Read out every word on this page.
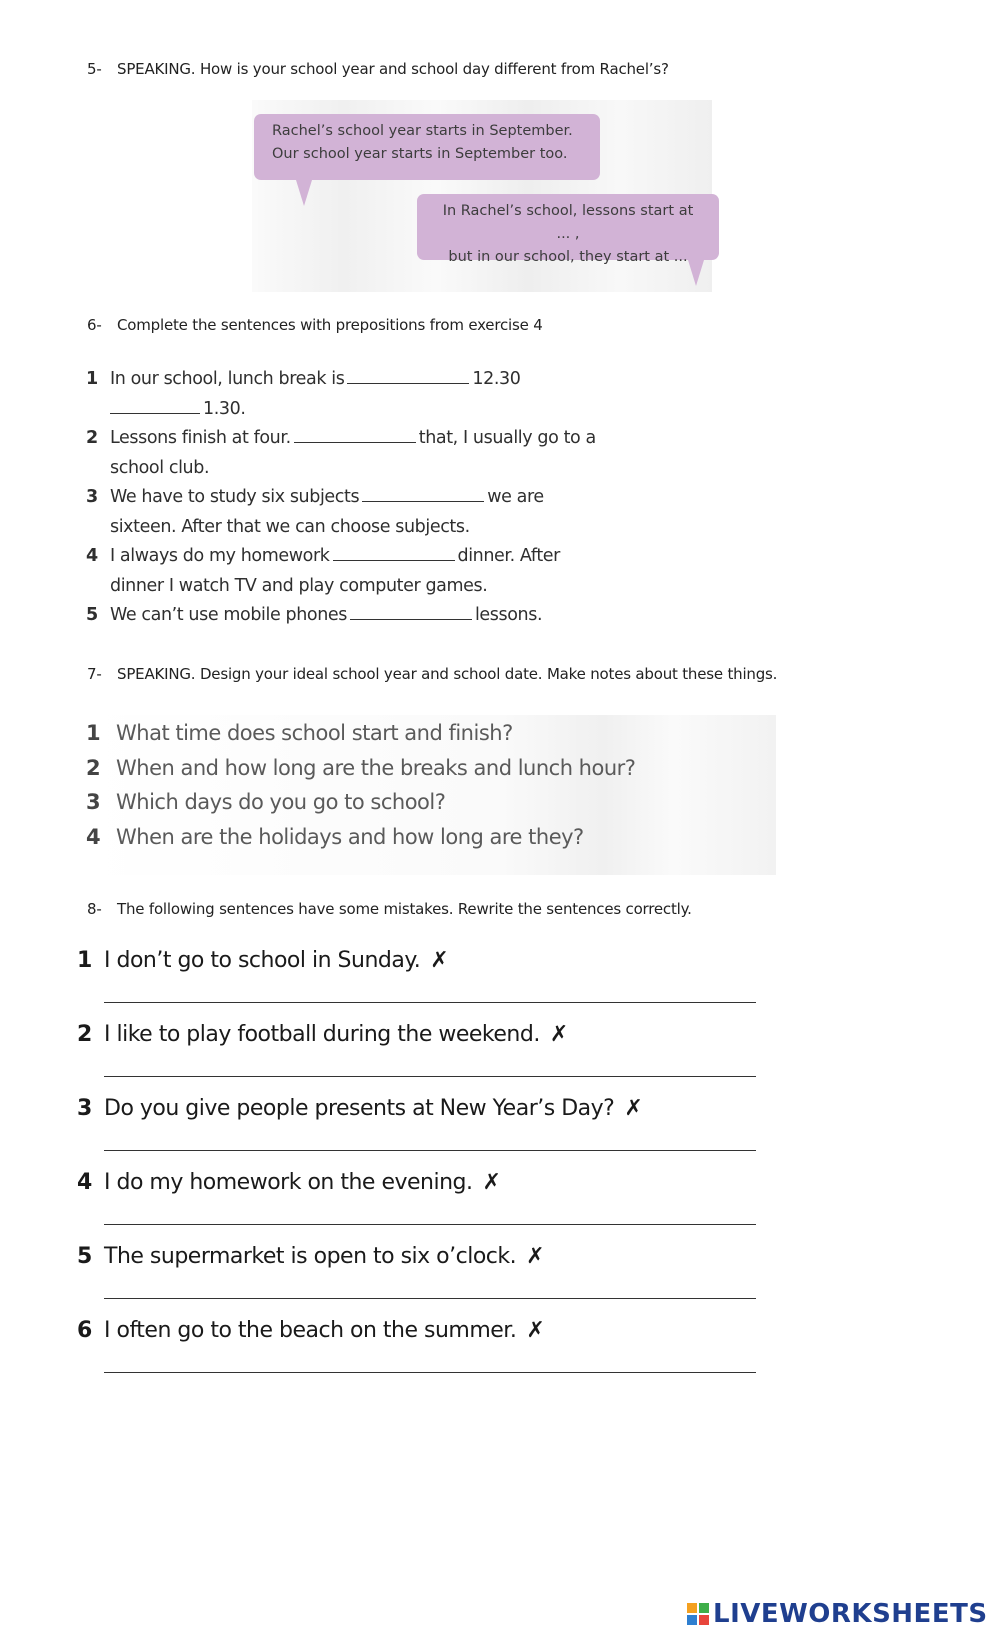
5- SPEAKING. How is your school year and school day different from Rachel’s?
Rachel’s school year starts in September.
Our school year starts in September too.
In Rachel’s school, lessons start at ... ,
but in our school, they start at ...
6- Complete the sentences with prepositions from exercise 4
1 In our school, lunch break is	12.30
1.30.
2 Lessons finish at four.	that, I usually go to a
school club.
3 We have to study six subjects	we are
sixteen. After that we can choose subjects.
4 I always do my homework	dinner. After
dinner I watch TV and play computer games.
5 We can’t use mobile phones	lessons.
7- SPEAKING. Design your ideal school year and school date. Make notes about these things.
1 What time does school start and finish?
2 When and how long are the breaks and lunch hour?
3 Which days do you go to school?
4 When are the holidays and how long are they?
8- The following sentences have some mistakes. Rewrite the sentences correctly.
1 I don’t go to school in Sunday. ✗
2 I like to play football during the weekend. ✗
3 Do you give people presents at New Year’s Day? ✗
4 I do my homework on the evening. ✗
5 The supermarket is open to six o’clock. ✗
6 I often go to the beach on the summer. ✗
LIVEWORKSHEETS
